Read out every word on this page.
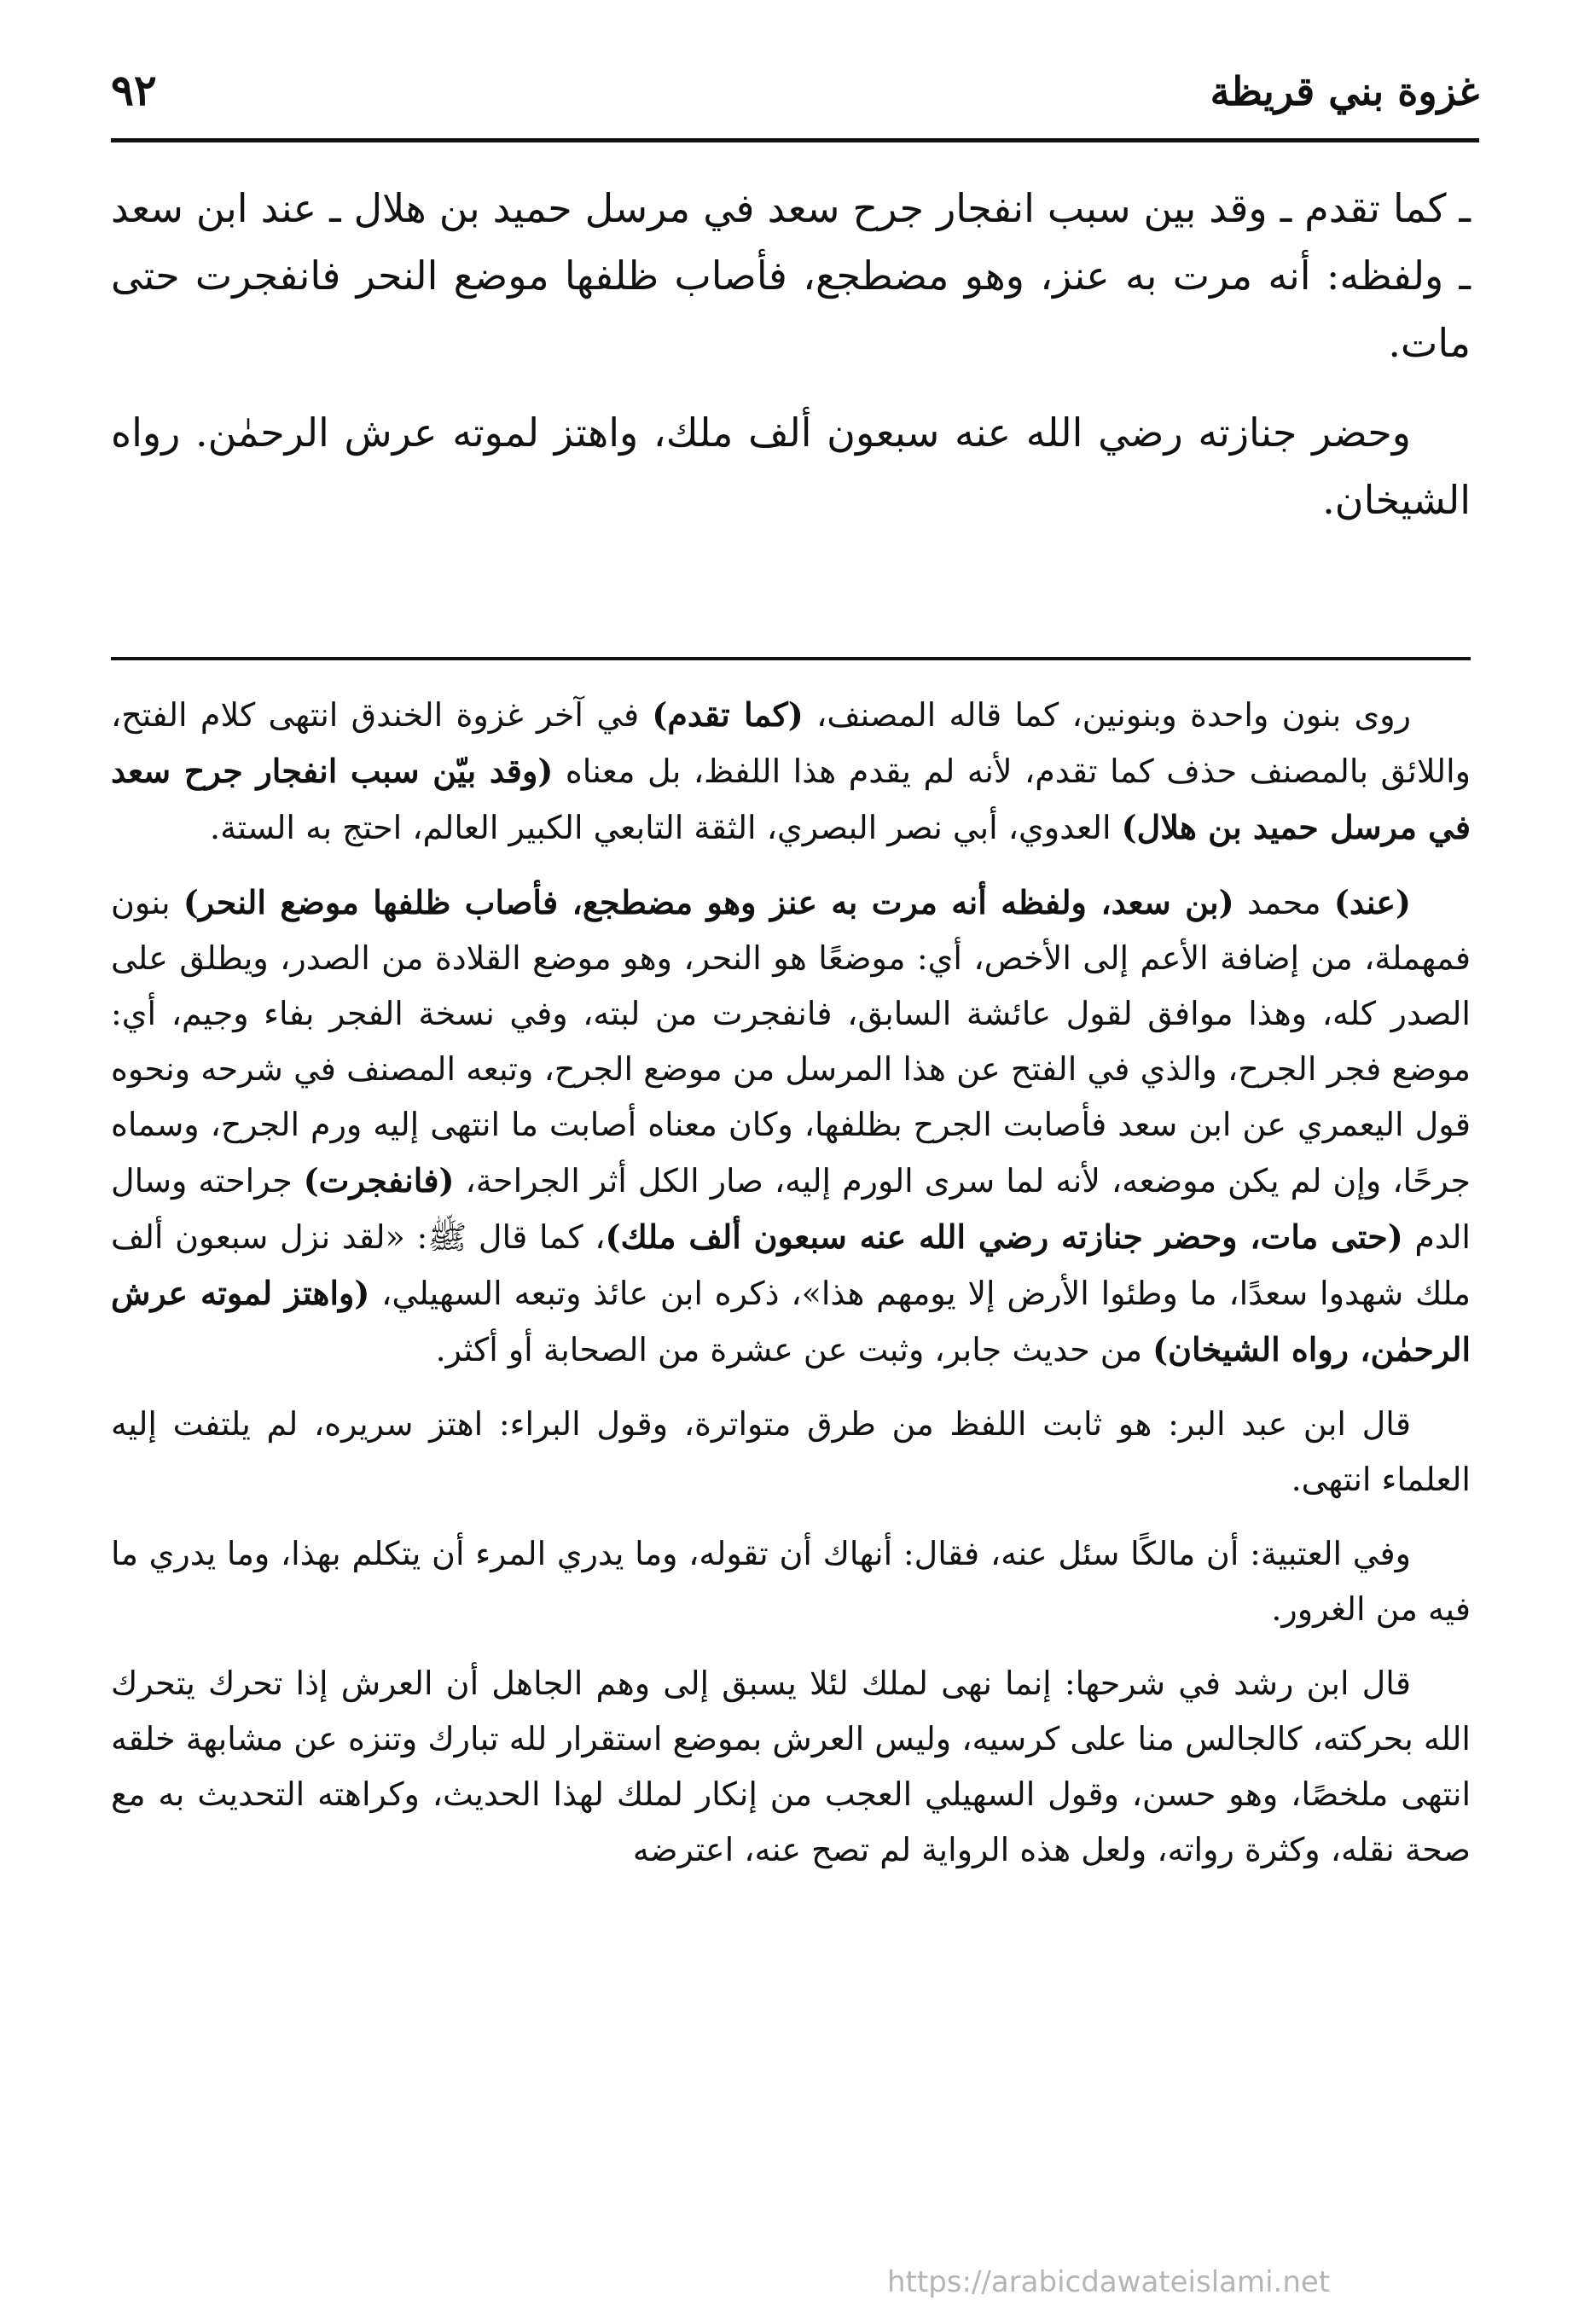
٩٢	غزوة بني قريظة

ـ كما تقدم ـ وقد بين سبب انفجار جرح سعد في مرسل حميد بن هلال ـ عند ابن سعد ـ ولفظه: أنه مرت به عنز، وهو مضطجع، فأصاب ظلفها موضع النحر فانفجرت حتى مات.

وحضر جنازته رضي الله عنه سبعون ألف ملك، واهتز لموته عرش الرحمٰن. رواه الشيخان.

روى بنون واحدة وبنونين، كما قاله المصنف، (كما تقدم) في آخر غزوة الخندق انتهى كلام الفتح، واللائق بالمصنف حذف كما تقدم، لأنه لم يقدم هذا اللفظ، بل معناه (وقد بيّن سبب انفجار جرح سعد في مرسل حميد بن هلال) العدوي، أبي نصر البصري، الثقة التابعي الكبير العالم، احتج به الستة.

(عند) محمد (بن سعد، ولفظه أنه مرت به عنز وهو مضطجع، فأصاب ظلفها موضع النحر) بنون فمهملة، من إضافة الأعم إلى الأخص، أي: موضعًا هو النحر، وهو موضع القلادة من الصدر، ويطلق على الصدر كله، وهذا موافق لقول عائشة السابق، فانفجرت من لبته، وفي نسخة الفجر بفاء وجيم، أي: موضع فجر الجرح، والذي في الفتح عن هذا المرسل من موضع الجرح، وتبعه المصنف في شرحه ونحوه قول اليعمري عن ابن سعد فأصابت الجرح بظلفها، وكان معناه أصابت ما انتهى إليه ورم الجرح، وسماه جرحًا، وإن لم يكن موضعه، لأنه لما سرى الورم إليه، صار الكل أثر الجراحة، (فانفجرت) جراحته وسال الدم (حتى مات، وحضر جنازته رضي الله عنه سبعون ألف ملك)، كما قال ﷺ: «لقد نزل سبعون ألف ملك شهدوا سعدًا، ما وطئوا الأرض إلا يومهم هذا»، ذكره ابن عائذ وتبعه السهيلي، (واهتز لموته عرش الرحمٰن، رواه الشيخان) من حديث جابر، وثبت عن عشرة من الصحابة أو أكثر.

قال ابن عبد البر: هو ثابت اللفظ من طرق متواترة، وقول البراء: اهتز سريره، لم يلتفت إليه العلماء انتهى.

وفي العتبية: أن مالكًا سئل عنه، فقال: أنهاك أن تقوله، وما يدري المرء أن يتكلم بهذا، وما يدري ما فيه من الغرور.

قال ابن رشد في شرحها: إنما نهى لملك لئلا يسبق إلى وهم الجاهل أن العرش إذا تحرك يتحرك الله بحركته، كالجالس منا على كرسيه، وليس العرش بموضع استقرار لله تبارك وتنزه عن مشابهة خلقه انتهى ملخصًا، وهو حسن، وقول السهيلي العجب من إنكار لملك لهذا الحديث، وكراهته التحديث به مع صحة نقله، وكثرة رواته، ولعل هذه الرواية لم تصح عنه، اعترضه

https://arabicdawateislami.net
